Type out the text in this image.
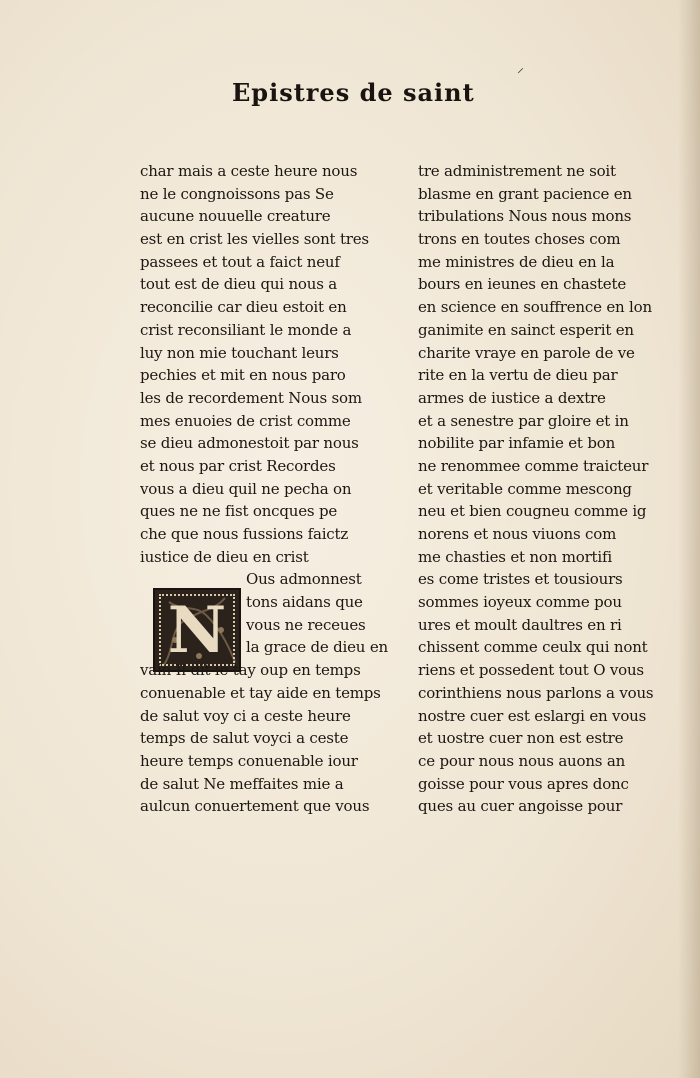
Epistres de saint
⸍
N
char mais a ceste heure nous
ne le congnoissons pas Se
aucune nouuelle creature
est en crist les vielles sont tres
passees et tout a faict neuf
tout est de dieu qui nous a
reconcilie car dieu estoit en
crist reconsiliant le monde a
luy non mie touchant leurs
pechies et mit en nous paro
les de recordement Nous som
mes enuoies de crist comme
se dieu admonestoit par nous
et nous par crist Recordes
vous a dieu quil ne pecha on
ques ne ne fist oncques pe
che que nous fussions faictz
iustice de dieu en crist
Ous admonnest
tons aidans que
vous ne receues
la grace de dieu en
vain Il dit ie tay oup en temps
conuenable et tay aide en temps
de salut voy ci a ceste heure
temps de salut voyci a ceste
heure temps conuenable iour
de salut Ne meffaites mie a
aulcun conuertement que vous
tre administrement ne soit
blasme en grant pacience en
tribulations Nous nous mons
trons en toutes choses com
me ministres de dieu en la
bours en ieunes en chastete
en science en souffrence en lon
ganimite en sainct esperit en
charite vraye en parole de ve
rite en la vertu de dieu par
armes de iustice a dextre
et a senestre par gloire et in
nobilite par infamie et bon
ne renommee comme traicteur
et veritable comme mescong
neu et bien cougneu comme ig
norens et nous viuons com
me chasties et non mortifi
es come tristes et tousiours
sommes ioyeux comme pou
ures et moult daultres en ri
chissent comme ceulx qui nont
riens et possedent tout O vous
corinthiens nous parlons a vous
nostre cuer est eslargi en vous
et uostre cuer non est estre
ce pour nous nous auons an
goisse pour vous apres donc
ques au cuer angoisse pour
